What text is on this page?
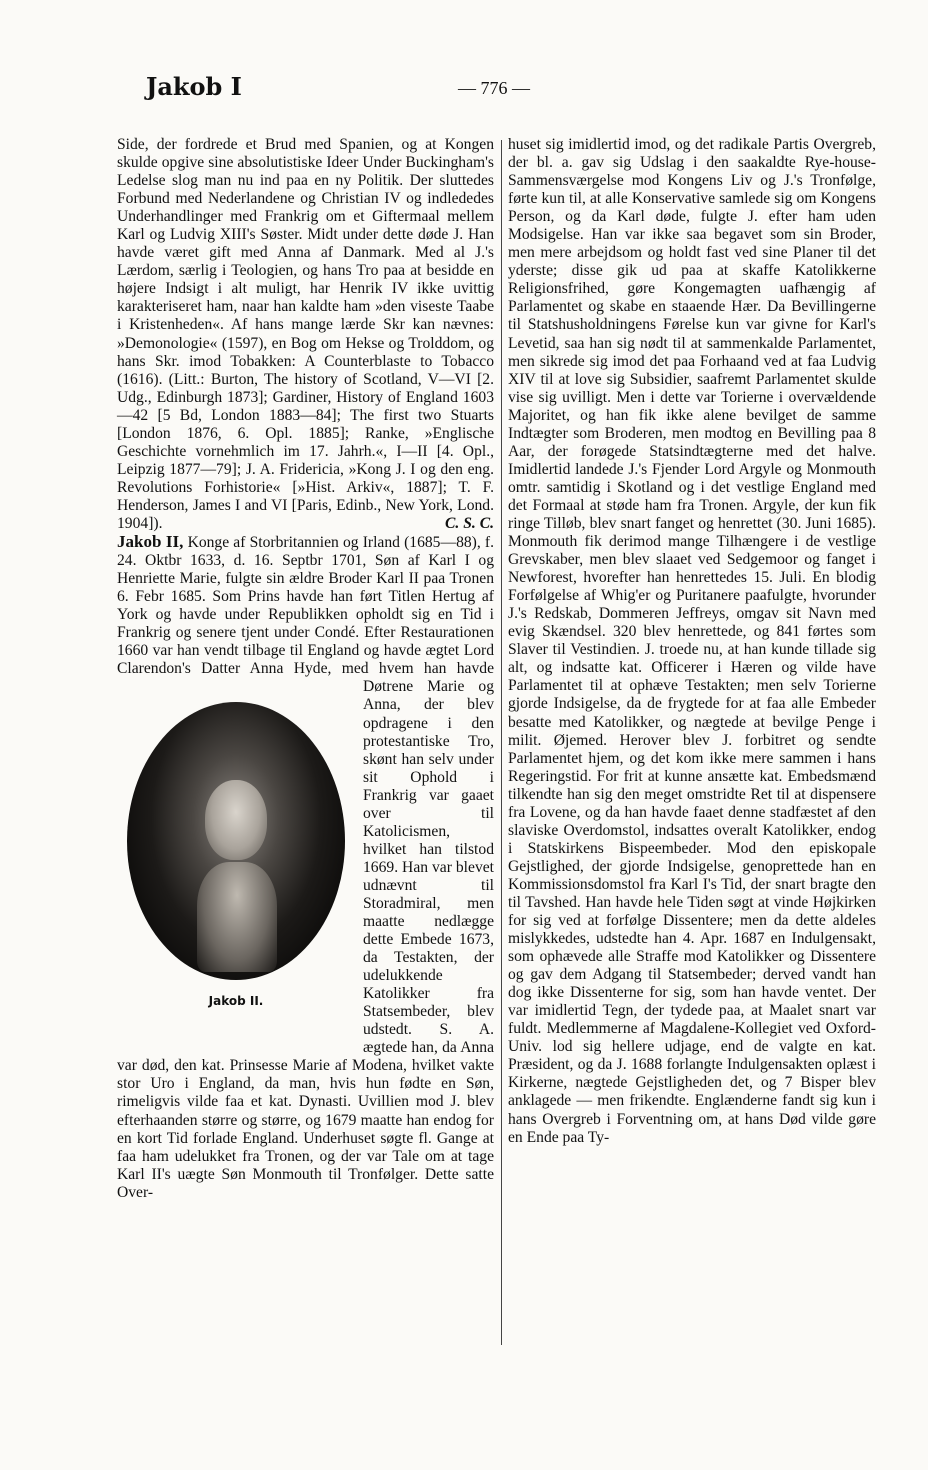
Jakob I	— 776 —

Side, der fordrede et Brud med Spanien, og at Kongen skulde opgive sine absolutistiske Ideer Under Buckingham's Ledelse slog man nu ind paa en ny Politik. Der sluttedes Forbund med Nederlandene og Christian IV og indlededes Underhandlinger med Frankrig om et Giftermaal mellem Karl og Ludvig XIII's Søster. Midt under dette døde J. Han havde været gift med Anna af Danmark. Med al J.'s Lærdom, særlig i Teologien, og hans Tro paa at besidde en højere Indsigt i alt muligt, har Henrik IV ikke uvittig karakteriseret ham, naar han kaldte ham »den viseste Taabe i Kristenheden«. Af hans mange lærde Skr kan nævnes: »Demonologie« (1597), en Bog om Hekse og Trolddom, og hans Skr. imod Tobakken: A Counterblaste to Tobacco (1616). (Litt.: Burton, The history of Scotland, V—VI [2. Udg., Edinburgh 1873]; Gardiner, History of England 1603—42 [5 Bd, London 1883—84]; The first two Stuarts [London 1876, 6. Opl. 1885]; Ranke, »Englische Geschichte vornehmlich im 17. Jahrh.«, I—II [4. Opl., Leipzig 1877—79]; J. A. Fridericia, »Kong J. I og den eng. Revolutions Forhistorie« [»Hist. Arkiv«, 1887]; T. F. Henderson, James I and VI [Paris, Edinb., New York, Lond. 1904]).	C. S. C.

Jakob II, Konge af Storbritannien og Irland (1685—88), f. 24. Oktbr 1633, d. 16. Septbr 1701, Søn af Karl I og Henriette Marie, fulgte sin ældre Broder Karl II paa Tronen 6. Febr 1685. Som Prins havde han ført Titlen Hertug af York og havde under Republikken opholdt sig en Tid i Frankrig og senere tjent under Condé. Efter Restaurationen 1660 var han vendt tilbage til England og havde ægtet Lord Clarendon's Datter Anna Hyde, med hvem han havde Døtrene Marie og
Anna, der blev opdragene i den protestantiske Tro, skønt han selv under sit Ophold i Frankrig var gaaet over til Katolicismen, hvilket han tilstod 1669. Han var blevet udnævnt til Storadmiral, men maatte nedlægge dette Embede 1673, da Testakten, der udelukkende Katolikker fra Statsembeder, blev udstedt. S. A. ægtede han, da Anna var død, den kat. Prinsesse Marie af Modena, hvilket vakte stor Uro i England, da man, hvis hun fødte en Søn, rimeligvis vilde faa et kat. Dynasti. Uvillien mod J. blev efterhaanden større og større, og 1679 maatte han endog for en kort Tid forlade England. Underhuset søgte fl. Gange at faa ham udelukket fra Tronen, og der var Tale om at tage Karl II's uægte Søn Monmouth til Tronfølger. Dette satte Over-

Jakob II.

huset sig imidlertid imod, og det radikale Partis Overgreb, der bl. a. gav sig Udslag i den saakaldte Rye-house-Sammensværgelse mod Kongens Liv og J.'s Tronfølge, førte kun til, at alle Konservative samlede sig om Kongens Person, og da Karl døde, fulgte J. efter ham uden Modsigelse. Han var ikke saa begavet som sin Broder, men mere arbejdsom og holdt fast ved sine Planer til det yderste; disse gik ud paa at skaffe Katolikkerne Religionsfrihed, gøre Kongemagten uafhængig af Parlamentet og skabe en staaende Hær. Da Bevillingerne til Statshusholdningens Førelse kun var givne for Karl's Levetid, saa han sig nødt til at sammenkalde Parlamentet, men sikrede sig imod det paa Forhaand ved at faa Ludvig XIV til at love sig Subsidier, saafremt Parlamentet skulde vise sig uvilligt. Men i dette var Torierne i overvældende Majoritet, og han fik ikke alene bevilget de samme Indtægter som Broderen, men modtog en Bevilling paa 8 Aar, der forøgede Statsindtægterne med det halve. Imidlertid landede J.'s Fjender Lord Argyle og Monmouth omtr. samtidig i Skotland og i det vestlige England med det Formaal at støde ham fra Tronen. Argyle, der kun fik ringe Tilløb, blev snart fanget og henrettet (30. Juni 1685). Monmouth fik derimod mange Tilhængere i de vestlige Grevskaber, men blev slaaet ved Sedgemoor og fanget i Newforest, hvorefter han henrettedes 15. Juli. En blodig Forfølgelse af Whig'er og Puritanere paafulgte, hvorunder J.'s Redskab, Dommeren Jeffreys, omgav sit Navn med evig Skændsel. 320 blev henrettede, og 841 førtes som Slaver til Vestindien. J. troede nu, at han kunde tillade sig alt, og indsatte kat. Officerer i Hæren og vilde have Parlamentet til at ophæve Testakten; men selv Torierne gjorde Indsigelse, da de frygtede for at faa alle Embeder besatte med Katolikker, og nægtede at bevilge Penge i milit. Øjemed. Herover blev J. forbitret og sendte Parlamentet hjem, og det kom ikke mere sammen i hans Regeringstid. For frit at kunne ansætte kat. Embedsmænd tilkendte han sig den meget omstridte Ret til at dispensere fra Lovene, og da han havde faaet denne stadfæstet af den slaviske Overdomstol, indsattes overalt Katolikker, endog i Statskirkens Bispeembeder. Mod den episkopale Gejstlighed, der gjorde Indsigelse, genoprettede han en Kommissionsdomstol fra Karl I's Tid, der snart bragte den til Tavshed. Han havde hele Tiden søgt at vinde Højkirken for sig ved at forfølge Dissentere; men da dette aldeles mislykkedes, udstedte han 4. Apr. 1687 en Indulgensakt, som ophævede alle Straffe mod Katolikker og Dissentere og gav dem Adgang til Statsembeder; derved vandt han dog ikke Dissenterne for sig, som han havde ventet. Der var imidlertid Tegn, der tydede paa, at Maalet snart var fuldt. Medlemmerne af Magdalene-Kollegiet ved Oxford-Univ. lod sig hellere udjage, end de valgte en kat. Præsident, og da J. 1688 forlangte Indulgensakten oplæst i Kirkerne, nægtede Gejstligheden det, og 7 Bisper blev anklagede — men frikendte. Englænderne fandt sig kun i hans Overgreb i Forventning om, at hans Død vilde gøre en Ende paa Ty-
